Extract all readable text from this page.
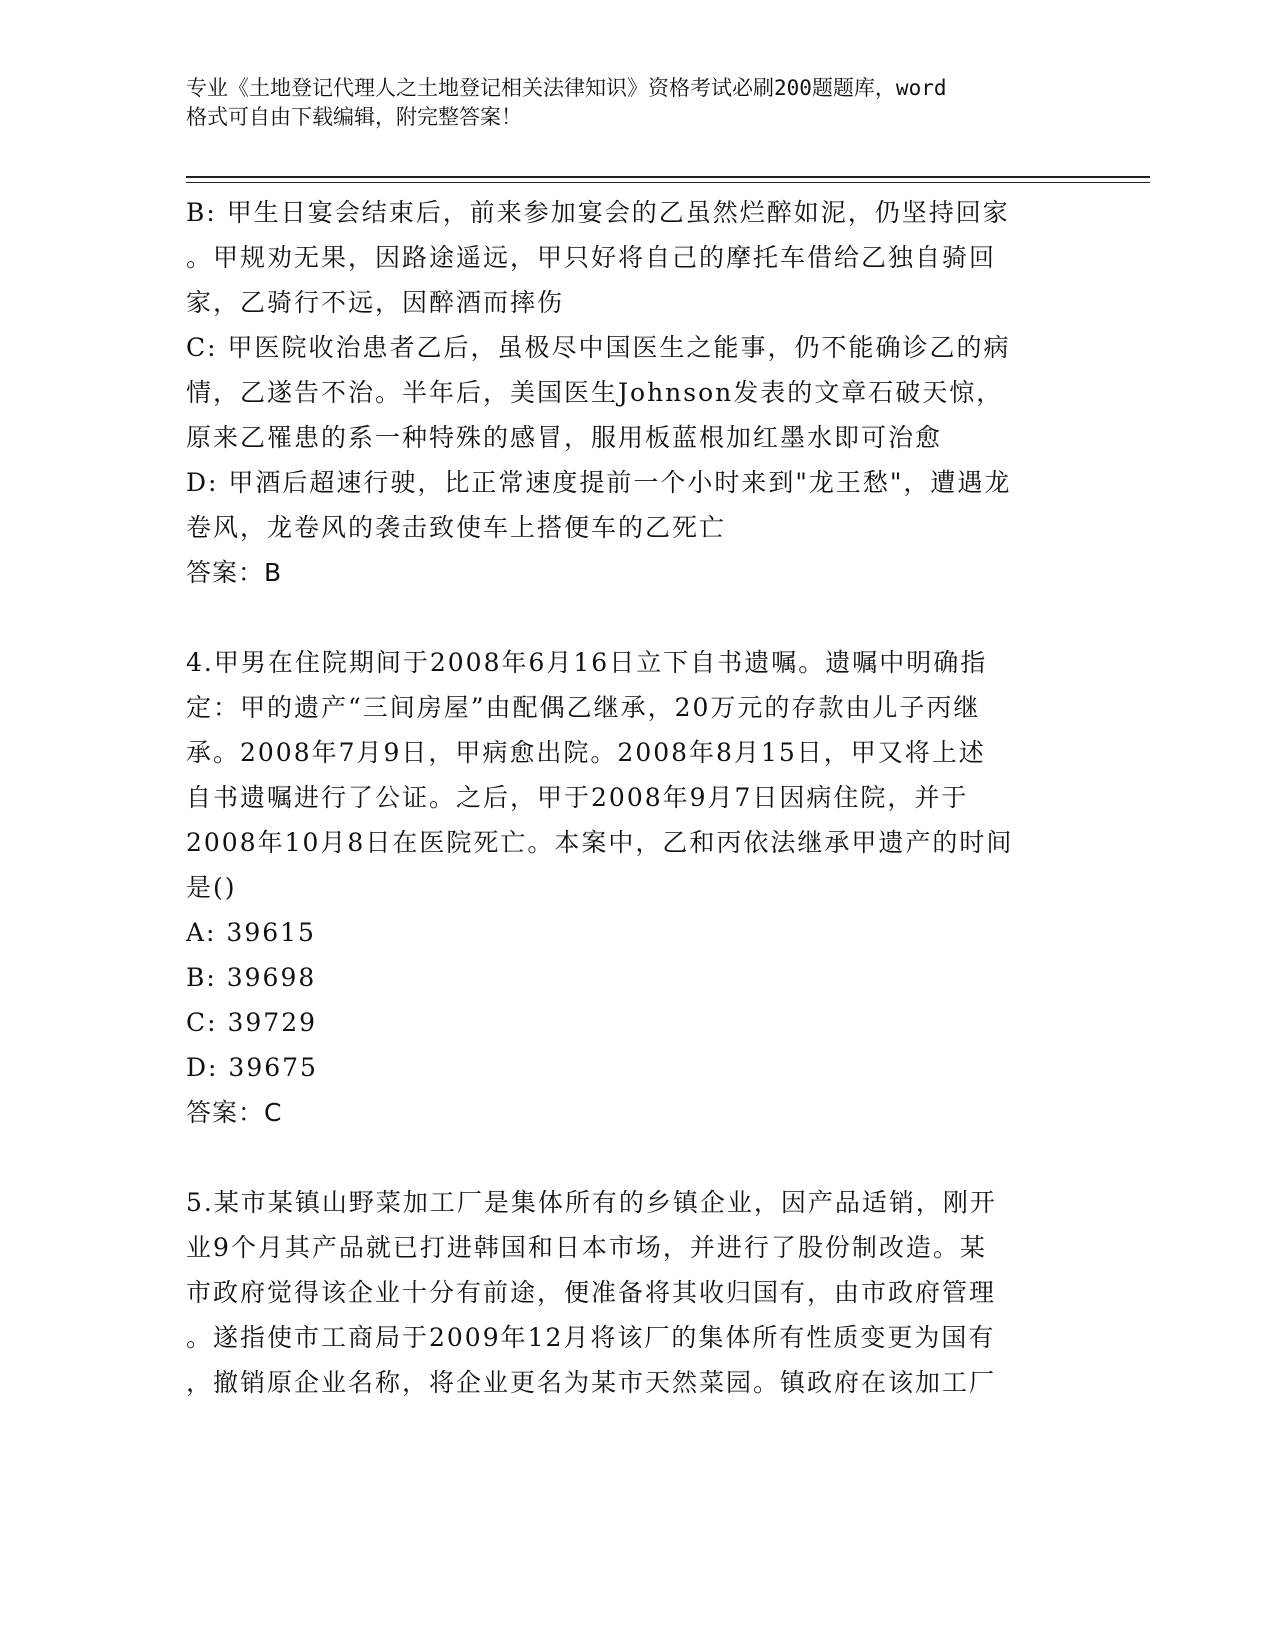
专业《土地登记代理人之土地登记相关法律知识》资格考试必刷200题题库，word
格式可自由下载编辑，附完整答案！
B: 甲生日宴会结束后，前来参加宴会的乙虽然烂醉如泥，仍坚持回家
。甲规劝无果，因路途遥远，甲只好将自己的摩托车借给乙独自骑回
家，乙骑行不远，因醉酒而摔伤
C: 甲医院收治患者乙后，虽极尽中国医生之能事，仍不能确诊乙的病
情，乙遂告不治。半年后，美国医生Johnson发表的文章石破天惊，
原来乙罹患的系一种特殊的感冒，服用板蓝根加红墨水即可治愈
D: 甲酒后超速行驶，比正常速度提前一个小时来到"龙王愁"，遭遇龙
卷风，龙卷风的袭击致使车上搭便车的乙死亡
答案：B
4.甲男在住院期间于2008年6月16日立下自书遗嘱。遗嘱中明确指
定：甲的遗产“三间房屋”由配偶乙继承，20万元的存款由儿子丙继
承。2008年7月9日，甲病愈出院。2008年8月15日，甲又将上述
自书遗嘱进行了公证。之后，甲于2008年9月7日因病住院，并于
2008年10月8日在医院死亡。本案中，乙和丙依法继承甲遗产的时间
是()
A: 39615
B: 39698
C: 39729
D: 39675
答案：C
5.某市某镇山野菜加工厂是集体所有的乡镇企业，因产品适销，刚开
业9个月其产品就已打进韩国和日本市场，并进行了股份制改造。某
市政府觉得该企业十分有前途，便准备将其收归国有，由市政府管理
。遂指使市工商局于2009年12月将该厂的集体所有性质变更为国有
，撤销原企业名称，将企业更名为某市天然菜园。镇政府在该加工厂
